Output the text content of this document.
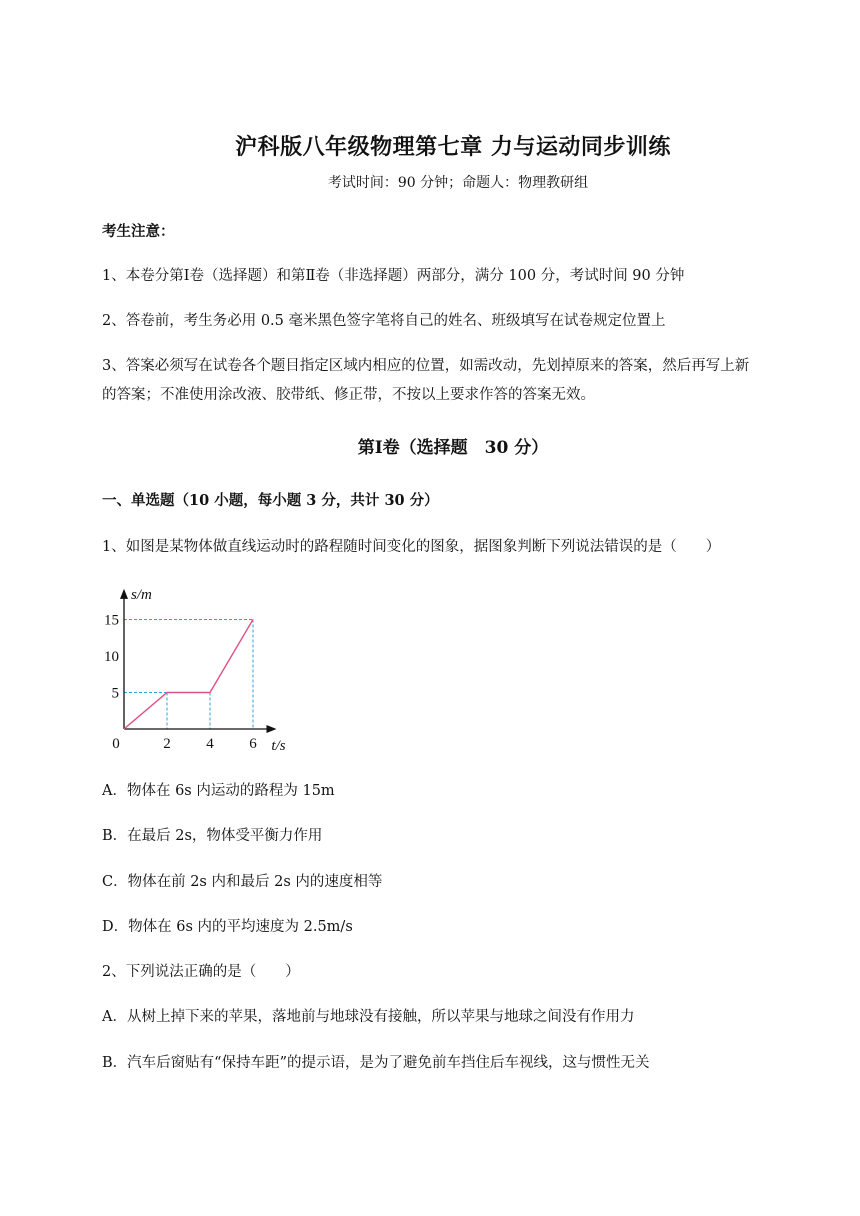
沪科版八年级物理第七章 力与运动同步训练
考试时间：90 分钟；命题人：物理教研组
考生注意：
1、本卷分第Ⅰ卷（选择题）和第Ⅱ卷（非选择题）两部分，满分 100 分，考试时间 90 分钟
2、答卷前，考生务必用 0.5 毫米黑色签字笔将自己的姓名、班级填写在试卷规定位置上
3、答案必须写在试卷各个题目指定区域内相应的位置，如需改动，先划掉原来的答案，然后再写上新
的答案；不准使用涂改液、胶带纸、修正带，不按以上要求作答的答案无效。
第Ⅰ卷（选择题　30 分）
一、单选题（10 小题，每小题 3 分，共计 30 分）
1、如图是某物体做直线运动时的路程随时间变化的图象，据图象判断下列说法错误的是（　　）
0	2 4 6
5
10
15
s/m
t/s
A．物体在 6s 内运动的路程为 15m
B．在最后 2s，物体受平衡力作用
C．物体在前 2s 内和最后 2s 内的速度相等
D．物体在 6s 内的平均速度为 2.5m/s
2、下列说法正确的是（　　）
A．从树上掉下来的苹果，落地前与地球没有接触，所以苹果与地球之间没有作用力
B．汽车后窗贴有“保持车距”的提示语，是为了避免前车挡住后车视线，这与惯性无关
